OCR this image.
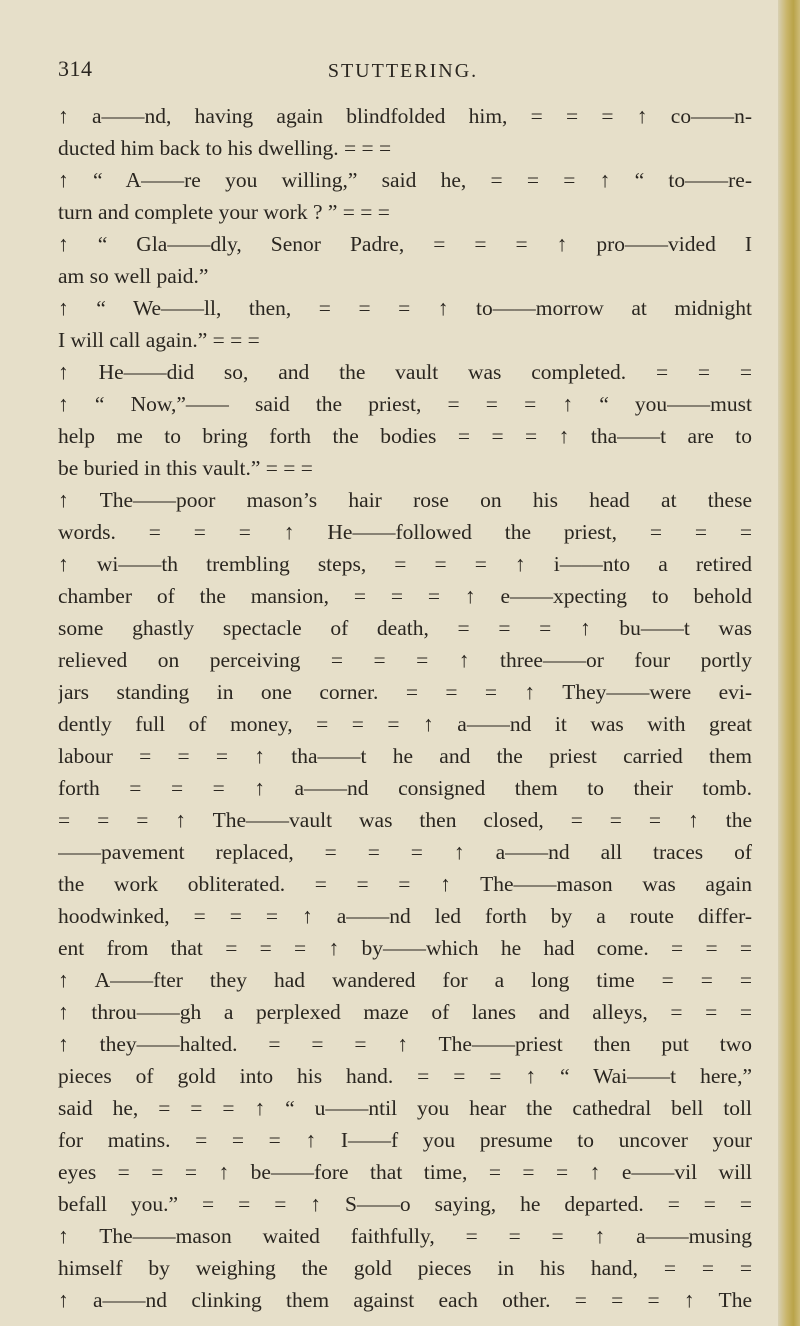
314	STUTTERING.
↑ a——nd, having again blindfolded him, = = = ↑ co——n-
ducted him back to his dwelling. = = =
↑ “ A——re you willing,” said he, = = = ↑ “ to——re-
turn and complete your work ? ” = = =
↑ “ Gla——dly, Senor Padre, = = = ↑ pro——vided I
am so well paid.”
↑ “ We——ll, then, = = = ↑ to——morrow at midnight
I will call again.” = = =
↑ He——did so, and the vault was completed. = = =
↑ “ Now,”—— said the priest, = = = ↑ “ you——must
help me to bring forth the bodies = = = ↑ tha——t are to
be buried in this vault.” = = =
↑ The——poor mason’s hair rose on his head at these
words. = = = ↑ He——followed the priest, = = =
↑ wi——th trembling steps, = = = ↑ i——nto a retired
chamber of the mansion, = = = ↑ e——xpecting to behold
some ghastly spectacle of death, = = = ↑ bu——t was
relieved on perceiving = = = ↑ three——or four portly
jars standing in one corner. = = = ↑ They——were evi-
dently full of money, = = = ↑ a——nd it was with great
labour = = = ↑ tha——t he and the priest carried them
forth = = = ↑ a——nd consigned them to their tomb.
= = = ↑ The——vault was then closed, = = = ↑ the
——pavement replaced, = = = ↑ a——nd all traces of
the work obliterated. = = = ↑ The——mason was again
hoodwinked, = = = ↑ a——nd led forth by a route differ-
ent from that = = = ↑ by——which he had come. = = =
↑ A——fter they had wandered for a long time = = =
↑ throu——gh a perplexed maze of lanes and alleys, = = =
↑ they——halted. = = = ↑ The——priest then put two
pieces of gold into his hand. = = = ↑ “ Wai——t here,”
said he, = = = ↑ “ u——ntil you hear the cathedral bell toll
for matins. = = = ↑ I——f you presume to uncover your
eyes = = = ↑ be——fore that time, = = = ↑ e——vil will
befall you.” = = = ↑ S——o saying, he departed. = = =
↑ The——mason waited faithfully, = = = ↑ a——musing
himself by weighing the gold pieces in his hand, = = =
↑ a——nd clinking them against each other. = = = ↑ The
